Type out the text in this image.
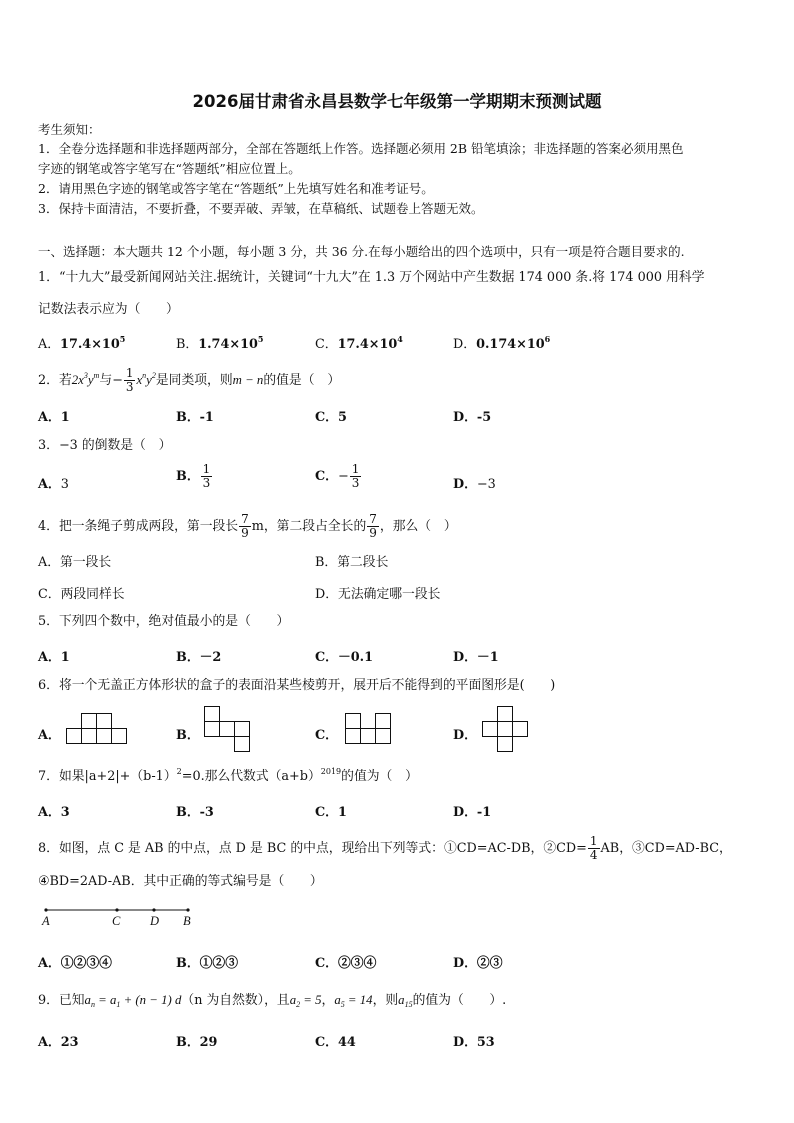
2026届甘肃省永昌县数学七年级第一学期期末预测试题
考生须知：
1．全卷分选择题和非选择题两部分，全部在答题纸上作答。选择题必须用 2B 铅笔填涂；非选择题的答案必须用黑色
字迹的钢笔或答字笔写在“答题纸”相应位置上。
2．请用黑色字迹的钢笔或答字笔在“答题纸”上先填写姓名和准考证号。
3．保持卡面清洁，不要折叠，不要弄破、弄皱，在草稿纸、试题卷上答题无效。
一、选择题：本大题共 12 个小题，每小题 3 分，共 36 分.在每小题给出的四个选项中，只有一项是符合题目要求的.
1．“十九大”最受新闻网站关注.据统计，关键词“十九大”在 1.3 万个网站中产生数据 174 000 条.将 174 000 用科学
记数法表示应为（　　）
A．$17.4\times 10^5$	B．$1.74\times 10^5$	C．$17.4\times 10^4$	D．$0.174\times 10^6$
2．若$2x^3y^m$与− $\frac{1}{3} x^ny^2$是同类项，则m − n的值是（　）
A．1	B．-1	C．5	D．-5
3．−3 的倒数是（　）
A．3
B． $\frac{1}{3}$	C．− $\frac{1}{3}$	D．−3
4．把一条绳子剪成两段，第一段长 $\frac{7}{9}$ m，第二段占全长的 $\frac{7}{9}$ ，那么（　）
A．第一段长	B．第二段长
C．两段同样长	D．无法确定哪一段长
5．下列四个数中，绝对值最小的是（　　）
A．1	B．－2	C．－0.1	D．－1
6．将一个无盖正方体形状的盒子的表面沿某些棱剪开，展开后不能得到的平面图形是(　　)
A．	B．	C．	D．
7．如果$|a+2|+(b-1)^2=0$.那么代数式$(a+b)^{2019}$的值为（　）
A．3	B．-3	C．1	D．-1
8．如图，点 C 是 AB 的中点，点 D 是 BC 的中点，现给出下列等式：①CD=AC-DB，②CD= $\frac{1}{4}$ AB，③CD=AD-BC，
④BD=2AD-AB．其中正确的等式编号是（　　）
A	C D B
A．①②③④	B．①②③	C．②③④	D．②③
9．已知$a_n = a_1 + (n - 1)$ d（n 为自然数），且$a_2 = 5$，$a_5 = 14$，则$a_{15}$的值为（　　）.
A．23	B．29	C．44	D．53
